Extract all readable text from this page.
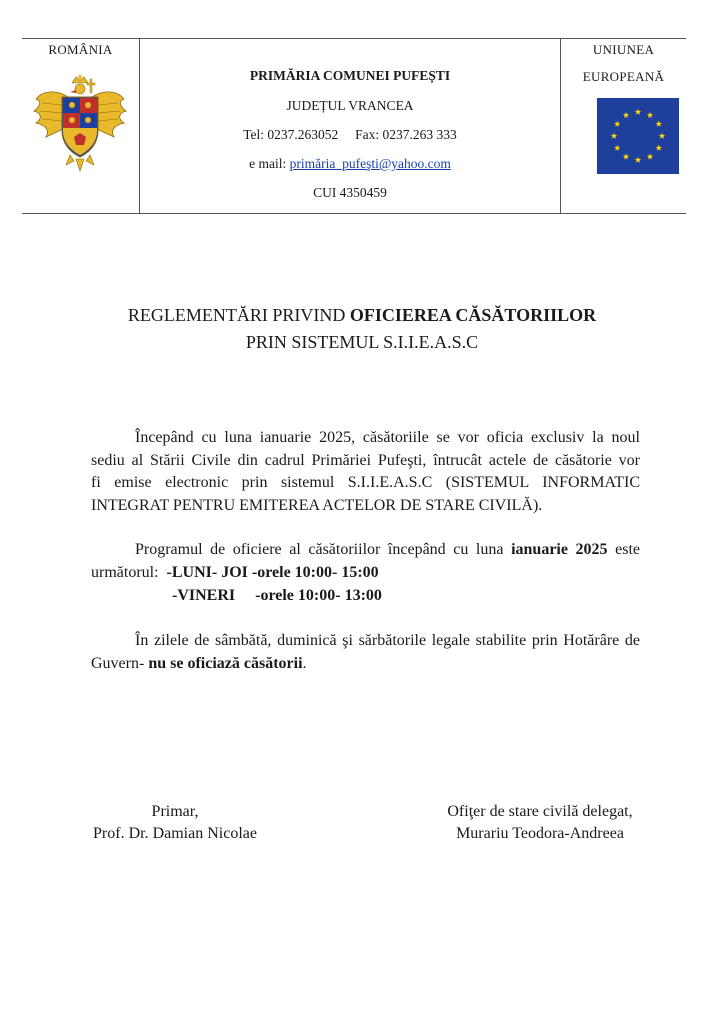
ROMÂNIA
PRIMĂRIA COMUNEI PUFEȘTI
JUDEȚUL VRANCEA
Tel: 0237.263052     Fax: 0237.263 333
e mail: primăria_pufeşti@yahoo.com
CUI 4350459
UNIUNEA
EUROPEANĂ
REGLEMENTĂRI PRIVIND OFICIEREA CĂSĂTORIILOR
PRIN SISTEMUL S.I.I.E.A.S.C
Începând cu luna ianuarie 2025, căsătoriile se vor oficia exclusiv la noul
sediu al Stării Civile din cadrul Primăriei Pufeşti, întrucât actele de căsătorie vor
fi emise electronic prin sistemul S.I.I.E.A.S.C (SISTEMUL INFORMATIC
INTEGRAT PENTRU EMITEREA ACTELOR DE STARE CIVILĂ).
Programul de oficiere al căsătoriilor începând cu luna ianuarie 2025 este
următorul:  -LUNI- JOI -orele 10:00- 15:00
-VINERI     -orele 10:00- 13:00
În zilele de sâmbătă, duminică şi sărbătorile legale stabilite prin Hotărâre de
Guvern- nu se oficiază căsătorii.
Primar,
Prof. Dr. Damian Nicolae
Ofiţer de stare civilă delegat,
Murariu Teodora-Andreea
